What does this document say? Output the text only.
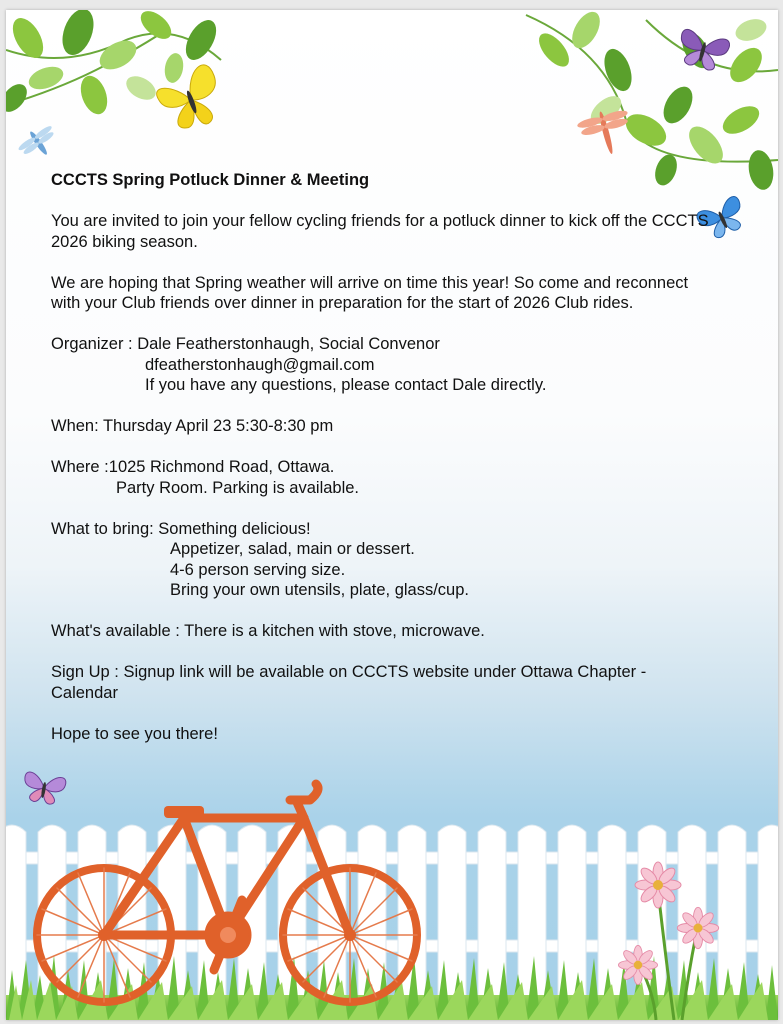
CCCTS Spring Potluck Dinner & Meeting

You are invited to join your fellow cycling friends for a potluck dinner to kick off the CCCTS 2026 biking season.

We are hoping that Spring weather will arrive on time this year! So come and reconnect with your Club friends over dinner in preparation for the start of 2026 Club rides.

Organizer : Dale Featherstonhaugh, Social Convenor
dfeatherstonhaugh@gmail.com
If you have any questions, please contact Dale directly.

When: Thursday April 23 5:30-8:30 pm

Where :1025 Richmond Road, Ottawa.
Party Room. Parking is available.

What to bring: Something delicious!
Appetizer, salad, main or dessert.
4-6 person serving size.
Bring your own utensils, plate, glass/cup.

What's available : There is a kitchen with stove, microwave.

Sign Up : Signup link will be available on CCCTS website under Ottawa Chapter - Calendar

Hope to see you there!
